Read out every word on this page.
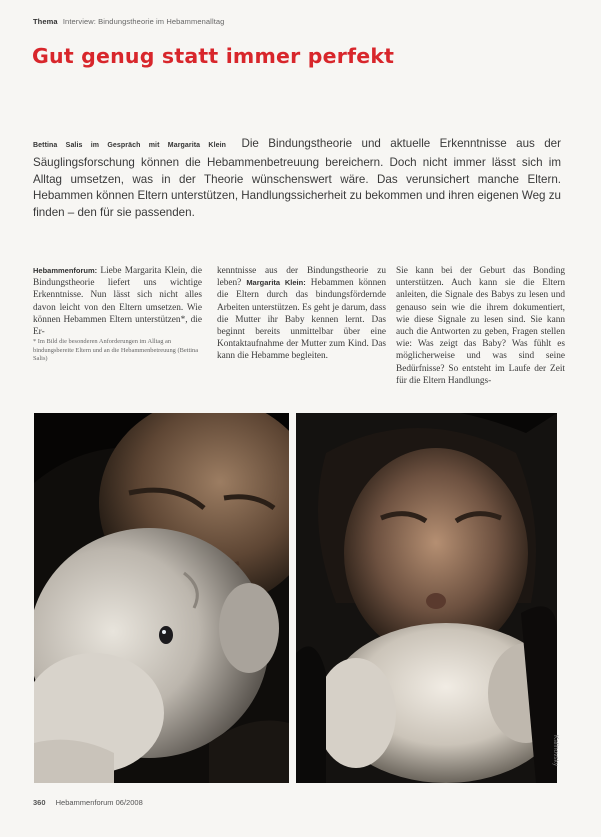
Thema Interview: Bindungstheorie im Hebammenalltag
Gut genug statt immer perfekt

Bettina Salis im Gespräch mit Margarita Klein Die Bindungstheorie und aktuelle Erkenntnisse aus der Säuglingsforschung können die Hebammenbetreuung bereichern. Doch nicht immer lässt sich im Alltag umsetzen, was in der Theorie wünschenswert wäre. Das verunsichert manche Eltern. Hebammen können Eltern unterstützen, Handlungssicherheit zu bekommen und ihren eigenen Weg zu finden – den für sie passenden.

Hebammenforum: Liebe Margarita Klein, die Bindungstheorie liefert uns wichtige Erkenntnisse. Nun lässt sich nicht alles davon leicht von den Eltern umsetzen. Wie können Hebammen Eltern unterstützen*, die Er-

* Im Bild die besonderen Anforderungen im Alltag an bindungsbereite Eltern und an die Hebammenbetreuung (Bettina Salis)

kenntnisse aus der Bindungstheorie zu leben? Margarita Klein: Hebammen können die Eltern durch das bindungsfördernde Arbeiten unterstützen. Es geht je darum, dass die Mutter ihr Baby kennen lernt. Das beginnt bereits unmittelbar über eine Kontaktaufnahme der Mutter zum Kind. Das kann die Hebamme begleiten.

Sie kann bei der Geburt das Bonding unterstützen. Auch kann sie die Eltern anleiten, die Signale des Babys zu lesen und genauso sein wie die ihrem dokumentiert, wie diese Signale zu lesen sind. Sie kann auch die Antworten zu geben, Fragen stellen wie: Was zeigt das Baby? Was fühlt es möglicherweise und was sind seine Bedürfnisse? So entsteht im Laufe der Zeit für die Eltern Handlungs-

Kalinovsky
360 Hebammenforum 06/2008
